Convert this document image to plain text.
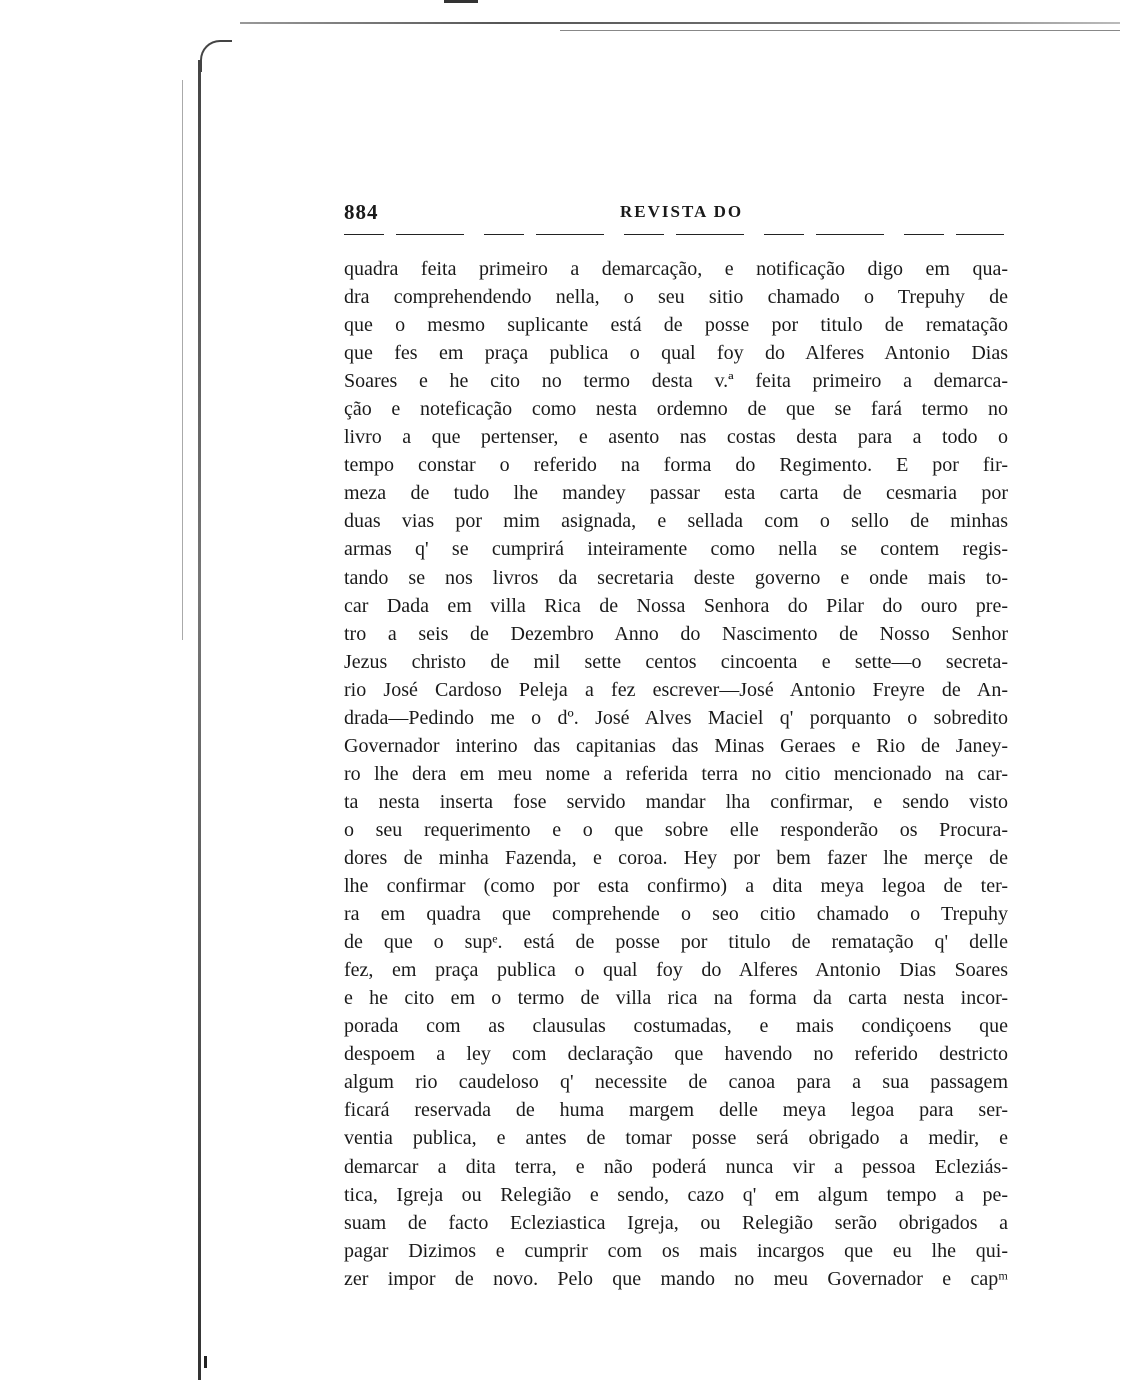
884	REVISTA DO
quadra feita primeiro a demarcação, e notificação digo em qua-
dra comprehendendo nella, o seu sitio chamado o Trepuhy de
que o mesmo suplicante está de posse por titulo de rematação
que fes em praça publica o qual foy do Alferes Antonio Dias
Soares e he cito no termo desta v.ª feita primeiro a demarca-
ção e noteficação como nesta ordemno de que se fará termo no
livro a que pertenser, e asento nas costas desta para a todo o
tempo constar o referido na forma do Regimento. E por fir-
meza de tudo lhe mandey passar esta carta de cesmaria por
duas vias por mim asignada, e sellada com o sello de minhas
armas q' se cumprirá inteiramente como nella se contem regis-
tando se nos livros da secretaria deste governo e onde mais to-
car Dada em villa Rica de Nossa Senhora do Pilar do ouro pre-
tro a seis de Dezembro Anno do Nascimento de Nosso Senhor
Jezus christo de mil sette centos cincoenta e sette—o secreta-
rio José Cardoso Peleja a fez escrever—José Antonio Freyre de An-
drada—Pedindo me o dº. José Alves Maciel q' porquanto o sobredito
Governador interino das capitanias das Minas Geraes e Rio de Janey-
ro lhe dera em meu nome a referida terra no citio mencionado na car-
ta nesta inserta fose servido mandar lha confirmar, e sendo visto
o seu requerimento e o que sobre elle responderão os Procura-
dores de minha Fazenda, e coroa. Hey por bem fazer lhe merçe de
lhe confirmar (como por esta confirmo) a dita meya legoa de ter-
ra em quadra que comprehende o seo citio chamado o Trepuhy
de que o supᵉ. está de posse por titulo de rematação q' delle
fez, em praça publica o qual foy do Alferes Antonio Dias Soares
e he cito em o termo de villa rica na forma da carta nesta incor-
porada com as clausulas costumadas, e mais condiçoens que
despoem a ley com declaração que havendo no referido destricto
algum rio caudeloso q' necessite de canoa para a sua passagem
ficará reservada de huma margem delle meya legoa para ser-
ventia publica, e antes de tomar posse será obrigado a medir, e
demarcar a dita terra, e não poderá nunca vir a pessoa Ecleziás-
tica, Igreja ou Relegião e sendo, cazo q' em algum tempo a pe-
suam de facto Ecleziastica Igreja, ou Relegião serão obrigados a
pagar Dizimos e cumprir com os mais incargos que eu lhe qui-
zer impor de novo. Pelo que mando no meu Governador e capᵐ
